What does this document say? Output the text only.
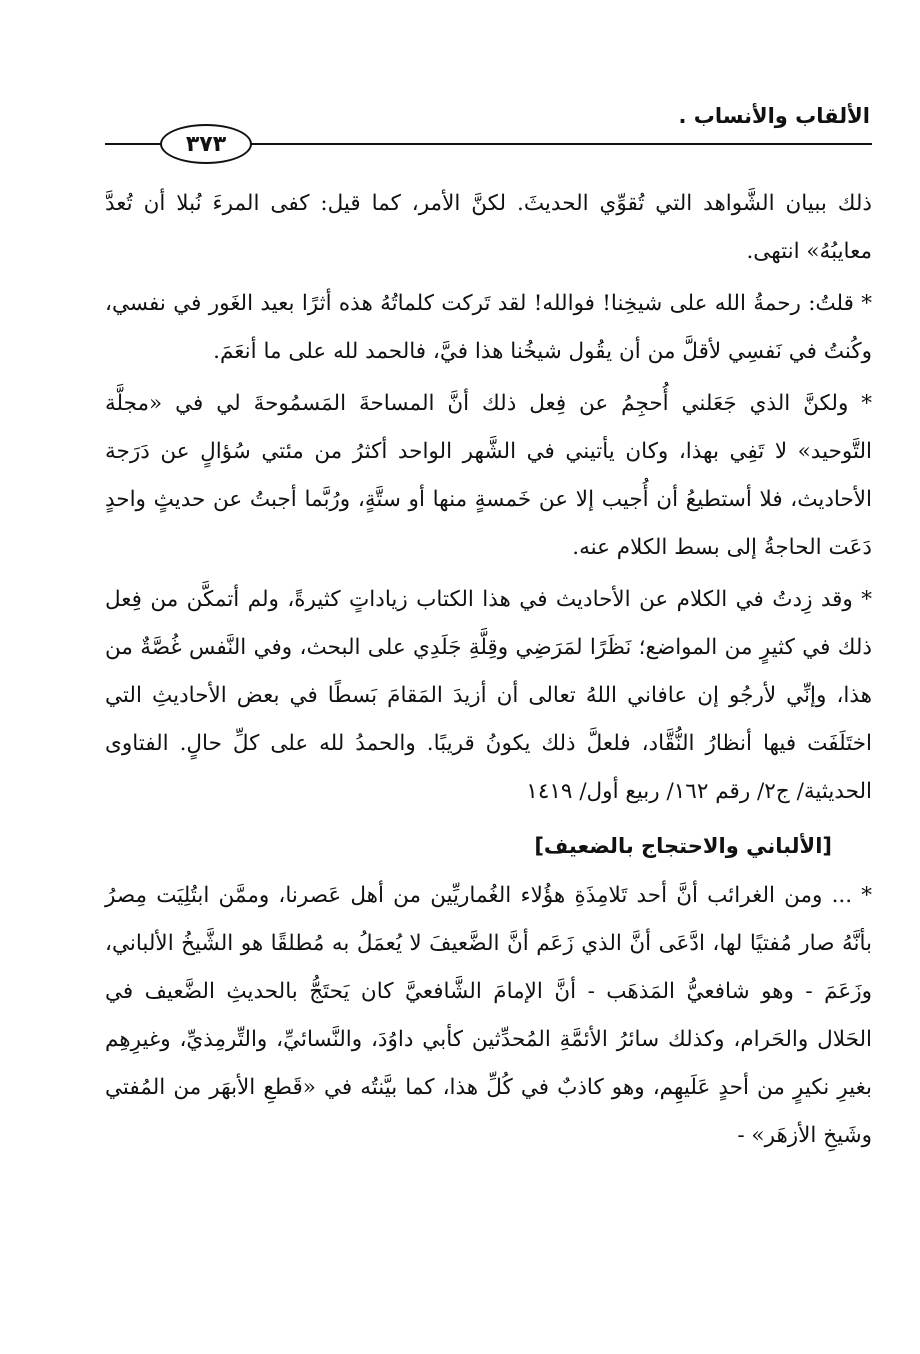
الألقاب والأنساب .
٣٧٣

ذلك ببيان الشَّواهد التي تُقوِّي الحديثَ. لكنَّ الأمر، كما قيل: كفى المرءَ نُبلا أن تُعدَّ معايبُهُ» انتهى.

* قلتُ: رحمةُ الله على شيخِنا! فوالله! لقد تَركت كلماتُهُ هذه أثرًا بعيد الغَور في نفسي، وكُنتُ في نَفسِي لأقلَّ من أن يقُول شيخُنا هذا فيَّ، فالحمد لله على ما أنعَمَ.

* ولكنَّ الذي جَعَلني أُحجِمُ عن فِعل ذلك أنَّ المساحةَ المَسمُوحةَ لي في «مجلَّة التَّوحيد» لا تَفِي بهذا، وكان يأتيني في الشَّهر الواحد أكثرُ من مئتي سُؤالٍ عن دَرَجة الأحاديث، فلا أستطيعُ أن أُجيب إلا عن خَمسةٍ منها أو ستَّةٍ، ورُبَّما أجبتُ عن حديثٍ واحدٍ دَعَت الحاجةُ إلى بسط الكلام عنه.

* وقد زِدتُ في الكلام عن الأحاديث في هذا الكتاب زياداتٍ كثيرةً، ولم أتمكَّن من فِعل ذلك في كثيرٍ من المواضع؛ نَظَرًا لمَرَضِي وقِلَّةِ جَلَدِي على البحث، وفي النَّفس غُصَّةٌ من هذا، وإنِّي لأرجُو إن عافاني اللهُ تعالى أن أزيدَ المَقامَ بَسطًا في بعض الأحاديثِ التي اختَلَفَت فيها أنظارُ النُّقَّاد، فلعلَّ ذلك يكونُ قريبًا. والحمدُ لله على كلِّ حالٍ. الفتاوى الحديثية/ ج٢/ رقم ١٦٢/ ربيع أول/ ١٤١٩

[الألباني والاحتجاج بالضعيف]

* ... ومن الغرائب أنَّ أحد تَلامِذَةِ هؤُلاء الغُماريِّين من أهل عَصرنا، وممَّن ابتُلِيَت مِصرُ بأنَّهُ صار مُفتيًا لها، ادَّعَى أنَّ الذي زَعَم أنَّ الضَّعيفَ لا يُعمَلُ به مُطلقًا هو الشَّيخُ الألباني، وزَعَمَ - وهو شافعيُّ المَذهَب - أنَّ الإمامَ الشَّافعيَّ كان يَحتَجُّ بالحديثِ الضَّعيف في الحَلال والحَرام، وكذلك سائرُ الأئمَّةِ المُحدِّثين كأبي داوُدَ، والنَّسائيِّ، والتِّرمِذيِّ، وغيرِهِم بغيرِ نكيرٍ من أحدٍ عَلَيهِم، وهو كاذبٌ في كُلِّ هذا، كما بيَّنتُه في «قَطعِ الأبهَر من المُفتي وشَيخِ الأزهَر» -
